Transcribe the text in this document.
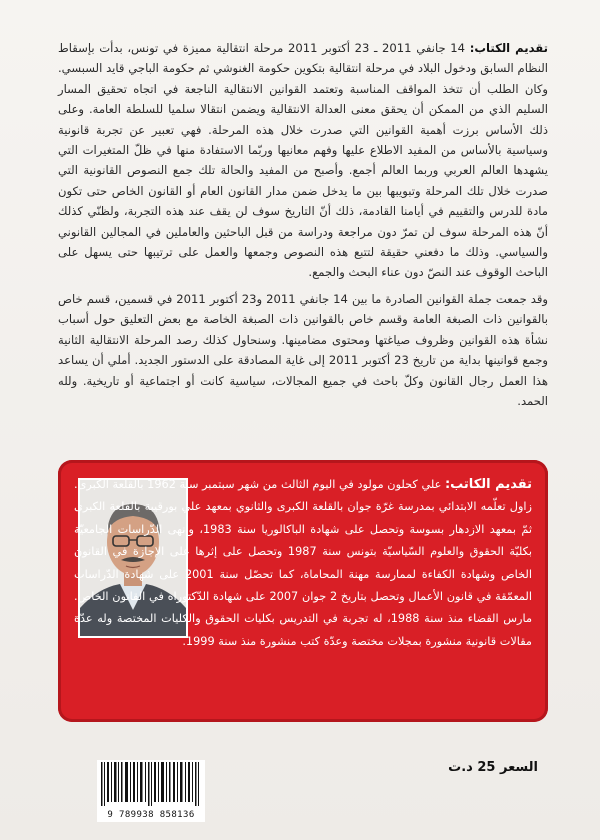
تقديم الكتاب: 14 جانفي 2011 ـ 23 أكتوبر 2011 مرحلة انتقالية مميزة في تونس، بدأت بإسقاط النظام السابق ودخول البلاد في مرحلة انتقالية بتكوين حكومة الغنوشي ثم حكومة الباجي قايد السبسي. وكان الطلب أن تتخذ المواقف المناسبة وتعتمد القوانين الانتقالية الناجعة في اتجاه تحقيق المسار السليم الذي من الممكن أن يحقق معنى العدالة الانتقالية ويضمن انتقالا سلميا للسلطة العامة. وعلى ذلك الأساس برزت أهمية القوانين التي صدرت خلال هذه المرحلة. فهي تعبير عن تجربة قانونية وسياسية بالأساس من المفيد الاطلاع عليها وفهم معانيها وربّما الاستفادة منها في ظلّ المتغيرات التي يشهدها العالم العربي وربما العالم أجمع. وأصبح من المفيد والحالة تلك جمع النصوص القانونية التي صدرت خلال تلك المرحلة وتبويبها بين ما يدخل ضمن مدار القانون العام أو القانون الخاص حتى تكون مادة للدرس والتقييم في أيامنا القادمة، ذلك أنّ التاريخ سوف لن يقف عند هذه التجربة، ولظنّي كذلك أنّ هذه المرحلة سوف لن تمرّ دون مراجعة ودراسة من قبل الباحثين والعاملين في المجالين القانوني والسياسي. وذلك ما دفعني حقيقة لتتبع هذه النصوص وجمعها والعمل على ترتيبها حتى يسهل على الباحث الوقوف عند النصّ دون عناء البحث والجمع.

وقد جمعت جملة القوانين الصادرة ما بين 14 جانفي 2011 و23 أكتوبر 2011 في قسمين، قسم خاص بالقوانين ذات الصبغة العامة وقسم خاص بالقوانين ذات الصبغة الخاصة مع بعض التعليق حول أسباب نشأة هذه القوانين وظروف صياغتها ومحتوى مضامينها. وسنحاول كذلك رصد المرحلة الانتقالية الثانية وجمع قوانينها بداية من تاريخ 23 أكتوبر 2011 إلى غاية المصادقة على الدستور الجديد. أملي أن يساعد هذا العمل رجال القانون وكلّ باحث في جميع المجالات، سياسية كانت أو اجتماعية أو تاريخية. ولله الحمد.

تقديم الكاتب: علي كحلون مولود في اليوم الثالث من شهر سبتمبر سنة 1962 بالقلعة الكبرى. زاول تعلّمه الابتدائي بمدرسة غرّة جوان بالقلعة الكبرى والثانوي بمعهد علي بورقيبة بالقلعة الكبرى ثمّ بمعهد الازدهار بسوسة وتحصل على شهادة الباكالوريا سنة 1983، وأنهى الدّراسات الجامعيّة بكليّة الحقوق والعلوم السّياسيّة بتونس سنة 1987 وتحصل على إثرها على الإجازة في القانون الخاص وشهادة الكفاءة لممارسة مهنة المحاماة، كما تحصّل سنة 2001 على شهادة الدّراسات المعمّقة في قانون الأعمال وتحصل بتاريخ 2 جوان 2007 على شهادة الدّكتوراه في القانون الخاص. مارس القضاء منذ سنة 1988، له تجربة في التدريس بكليات الحقوق والكليات المختصة وله عدّة مقالات قانونية منشورة بمجلات مختصة وعدّة كتب منشورة منذ سنة 1999.
9 789938 858136
السعر 25 د.ت
